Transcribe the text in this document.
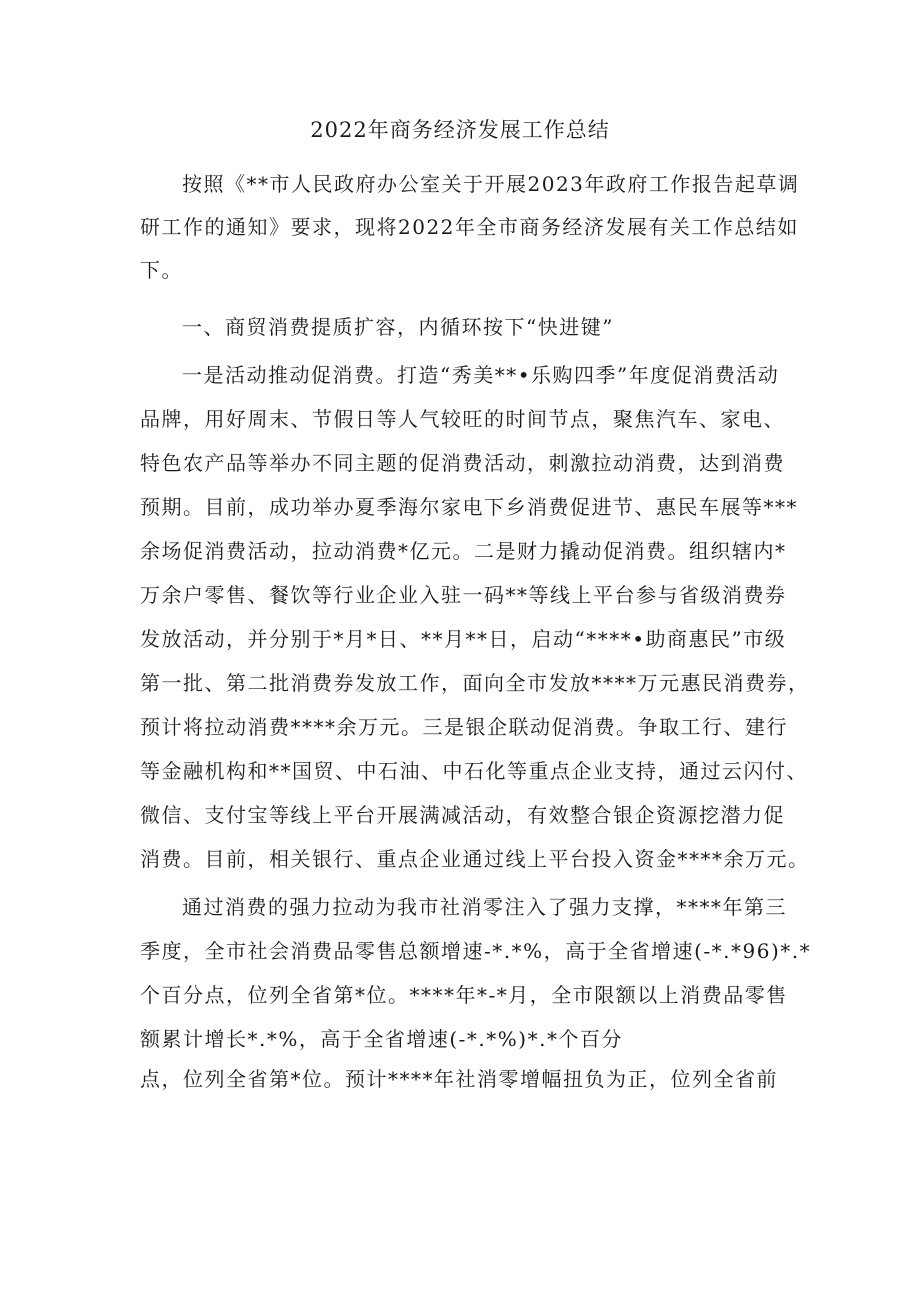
2022年商务经济发展工作总结
按照《**市人民政府办公室关于开展2023年政府工作报告起草调
研工作的通知》要求，现将2022年全市商务经济发展有关工作总结如
下。
一、商贸消费提质扩容，内循环按下“快进键”
一是活动推动促消费。打造“秀美**•乐购四季”年度促消费活动
品牌，用好周末、节假日等人气较旺的时间节点，聚焦汽车、家电、
特色农产品等举办不同主题的促消费活动，刺激拉动消费，达到消费
预期。目前，成功举办夏季海尔家电下乡消费促进节、惠民车展等***
余场促消费活动，拉动消费*亿元。二是财力撬动促消费。组织辖内*
万余户零售、餐饮等行业企业入驻一码**等线上平台参与省级消费券
发放活动，并分别于*月*日、**月**日，启动“****•助商惠民”市级
第一批、第二批消费券发放工作，面向全市发放****万元惠民消费券，
预计将拉动消费****余万元。三是银企联动促消费。争取工行、建行
等金融机构和**国贸、中石油、中石化等重点企业支持，通过云闪付、
微信、支付宝等线上平台开展满减活动，有效整合银企资源挖潜力促
消费。目前，相关银行、重点企业通过线上平台投入资金****余万元。
通过消费的强力拉动为我市社消零注入了强力支撑，****年第三
季度，全市社会消费品零售总额增速-*.*%，高于全省增速(-*.*96)*.*
个百分点，位列全省第*位。****年*-*月，全市限额以上消费品零售
额累计增长*.*%，高于全省增速(-*.*%)*.*个百分
点，位列全省第*位。预计****年社消零增幅扭负为正，位列全省前
